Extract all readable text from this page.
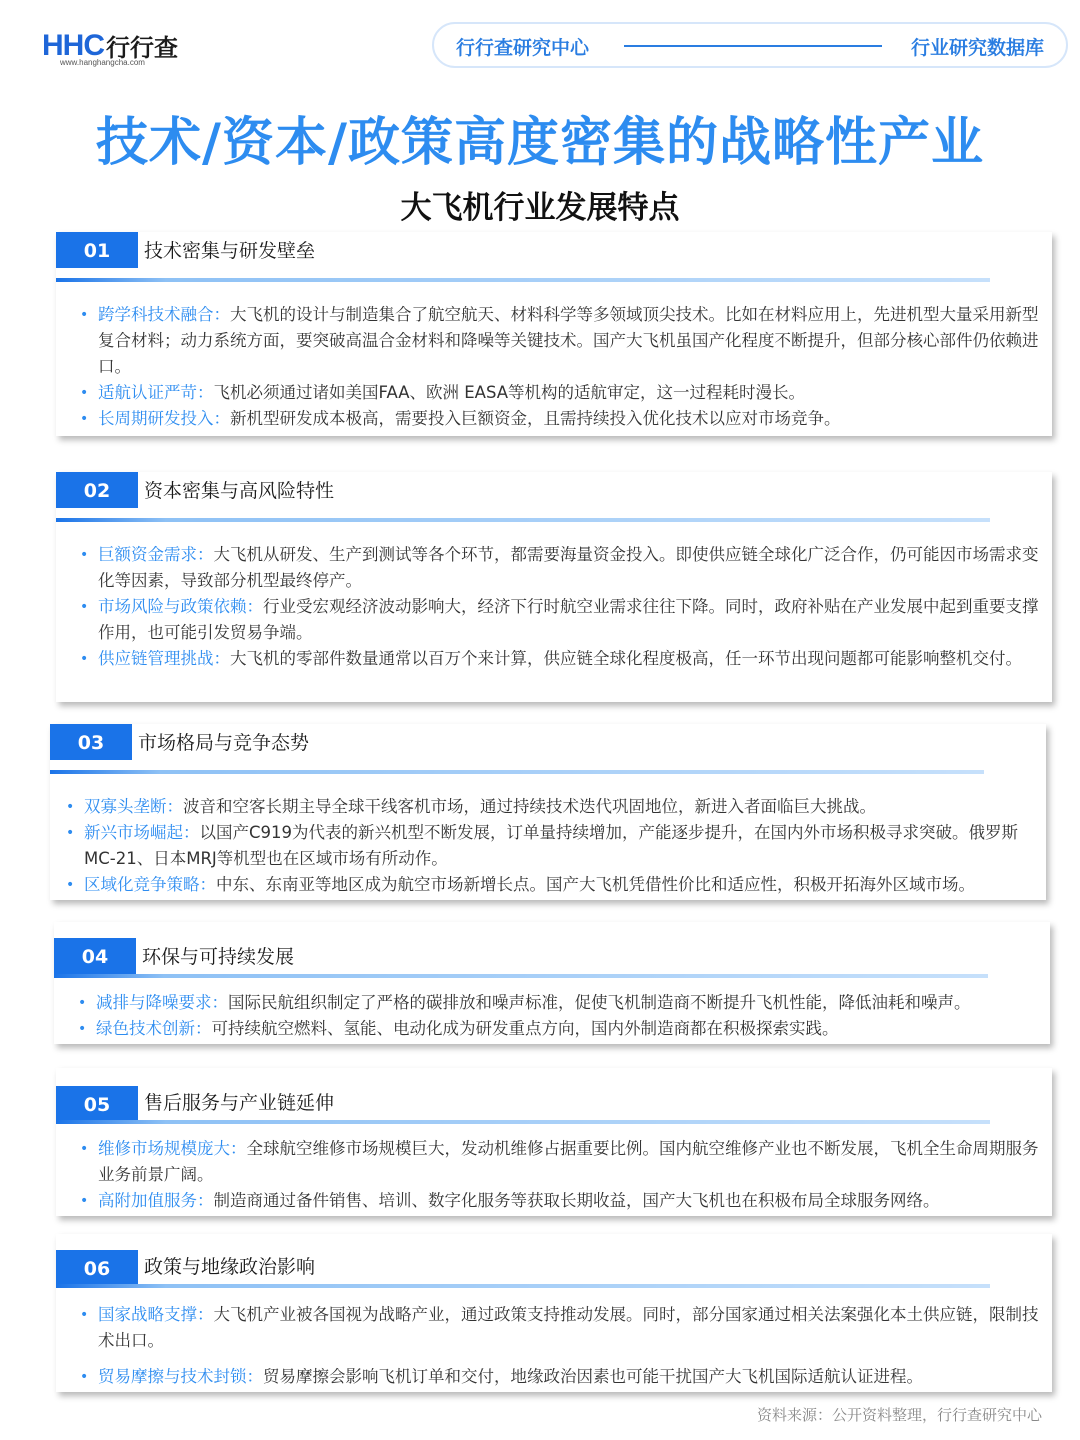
HHC行行查
www.hanghangcha.com
行行查研究中心	行业研究数据库
技术/资本/政策高度密集的战略性产业
大飞机行业发展特点
01	技术密集与研发壁垒
• 跨学科技术融合：大飞机的设计与制造集合了航空航天、材料科学等多领域顶尖技术。比如在材料应用上，先进机型大量采用新型复合材料；动力系统方面，要突破高温合金材料和降噪等关键技术。国产大飞机虽国产化程度不断提升，但部分核心部件仍依赖进口。
• 适航认证严苛：飞机必须通过诸如美国FAA、欧洲 EASA等机构的适航审定，这一过程耗时漫长。
• 长周期研发投入：新机型研发成本极高，需要投入巨额资金，且需持续投入优化技术以应对市场竞争。
02	资本密集与高风险特性
• 巨额资金需求：大飞机从研发、生产到测试等各个环节，都需要海量资金投入。即使供应链全球化广泛合作，仍可能因市场需求变化等因素，导致部分机型最终停产。
• 市场风险与政策依赖：行业受宏观经济波动影响大，经济下行时航空业需求往往下降。同时，政府补贴在产业发展中起到重要支撑作用，也可能引发贸易争端。
• 供应链管理挑战：大飞机的零部件数量通常以百万个来计算，供应链全球化程度极高，任一环节出现问题都可能影响整机交付。
03	市场格局与竞争态势
• 双寡头垄断：波音和空客长期主导全球干线客机市场，通过持续技术迭代巩固地位，新进入者面临巨大挑战。
• 新兴市场崛起：以国产C919为代表的新兴机型不断发展，订单量持续增加，产能逐步提升，在国内外市场积极寻求突破。俄罗斯MC-21、日本MRJ等机型也在区域市场有所动作。
• 区域化竞争策略：中东、东南亚等地区成为航空市场新增长点。国产大飞机凭借性价比和适应性，积极开拓海外区域市场。
04	环保与可持续发展
• 减排与降噪要求：国际民航组织制定了严格的碳排放和噪声标准，促使飞机制造商不断提升飞机性能，降低油耗和噪声。
• 绿色技术创新：可持续航空燃料、氢能、电动化成为研发重点方向，国内外制造商都在积极探索实践。
05	售后服务与产业链延伸
• 维修市场规模庞大：全球航空维修市场规模巨大，发动机维修占据重要比例。国内航空维修产业也不断发展，飞机全生命周期服务业务前景广阔。
• 高附加值服务：制造商通过备件销售、培训、数字化服务等获取长期收益，国产大飞机也在积极布局全球服务网络。
06	政策与地缘政治影响
• 国家战略支撑：大飞机产业被各国视为战略产业，通过政策支持推动发展。同时，部分国家通过相关法案强化本土供应链，限制技术出口。
• 贸易摩擦与技术封锁：贸易摩擦会影响飞机订单和交付，地缘政治因素也可能干扰国产大飞机国际适航认证进程。
资料来源：公开资料整理，行行查研究中心
